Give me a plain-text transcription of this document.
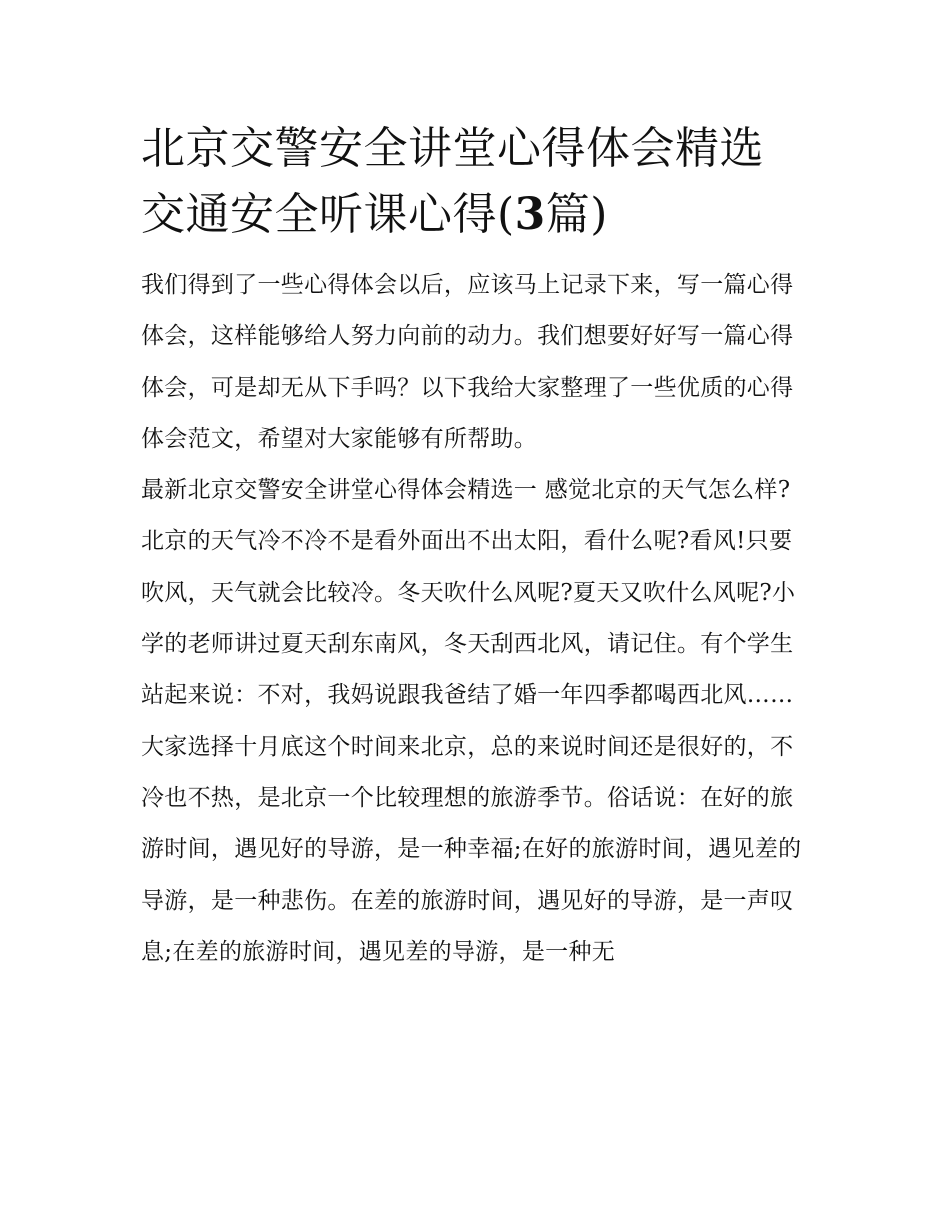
北京交警安全讲堂心得体会精选 交通安全听课心得(3篇)

我们得到了一些心得体会以后，应该马上记录下来，写一篇心得体会，这样能够给人努力向前的动力。我们想要好好写一篇心得体会，可是却无从下手吗？以下我给大家整理了一些优质的心得体会范文，希望对大家能够有所帮助。

最新北京交警安全讲堂心得体会精选一 感觉北京的天气怎么样?

北京的天气冷不冷不是看外面出不出太阳，看什么呢?看风!只要吹风，天气就会比较冷。冬天吹什么风呢?夏天又吹什么风呢?小学的老师讲过夏天刮东南风，冬天刮西北风，请记住。有个学生站起来说：不对，我妈说跟我爸结了婚一年四季都喝西北风……

大家选择十月底这个时间来北京，总的来说时间还是很好的，不冷也不热，是北京一个比较理想的旅游季节。俗话说：在好的旅游时间，遇见好的导游，是一种幸福;在好的旅游时间，遇见差的导游，是一种悲伤。在差的旅游时间，遇见好的导游，是一声叹息;在差的旅游时间，遇见差的导游，是一种无
